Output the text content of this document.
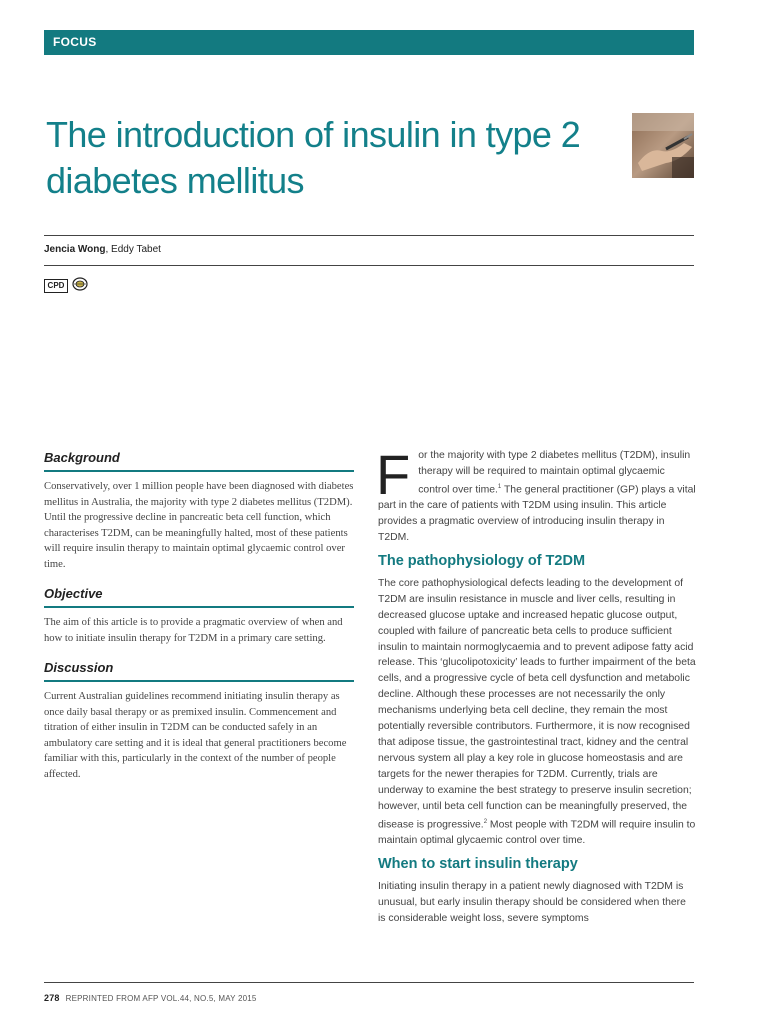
FOCUS
The introduction of insulin in type 2 diabetes mellitus
Jencia Wong, Eddy Tabet
CPD
Background

Conservatively, over 1 million people have been diagnosed with diabetes mellitus in Australia, the majority with type 2 diabetes mellitus (T2DM). Until the progressive decline in pancreatic beta cell function, which characterises T2DM, can be meaningfully halted, most of these patients will require insulin therapy to maintain optimal glycaemic control over time.

Objective

The aim of this article is to provide a pragmatic overview of when and how to initiate insulin therapy for T2DM in a primary care setting.

Discussion

Current Australian guidelines recommend initiating insulin therapy as once daily basal therapy or as premixed insulin. Commencement and titration of either insulin in T2DM can be conducted safely in an ambulatory care setting and it is ideal that general practitioners become familiar with this, particularly in the context of the number of people affected.

For the majority with type 2 diabetes mellitus (T2DM), insulin therapy will be required to maintain optimal glycaemic control over time.$^1$ The general practitioner (GP) plays a vital part in the care of patients with T2DM using insulin. This article provides a pragmatic overview of introducing insulin therapy in T2DM.

The pathophysiology of T2DM

The core pathophysiological defects leading to the development of T2DM are insulin resistance in muscle and liver cells, resulting in decreased glucose uptake and increased hepatic glucose output, coupled with failure of pancreatic beta cells to produce sufficient insulin to maintain normoglycaemia and to prevent adipose fatty acid release. This ‘glucolipotoxicity’ leads to further impairment of the beta cells, and a progressive cycle of beta cell dysfunction and metabolic decline. Although these processes are not necessarily the only mechanisms underlying beta cell decline, they remain the most potentially reversible contributors. Furthermore, it is now recognised that adipose tissue, the gastrointestinal tract, kidney and the central nervous system all play a key role in glucose homeostasis and are targets for the newer therapies for T2DM. Currently, trials are underway to examine the best strategy to preserve insulin secretion; however, until beta cell function can be meaningfully preserved, the disease is progressive.$^2$ Most people with T2DM will require insulin to maintain optimal glycaemic control over time.

When to start insulin therapy

Initiating insulin therapy in a patient newly diagnosed with T2DM is unusual, but early insulin therapy should be considered when there is considerable weight loss, severe symptoms

278 REPRINTED FROM AFP VOL.44, NO.5, MAY 2015
